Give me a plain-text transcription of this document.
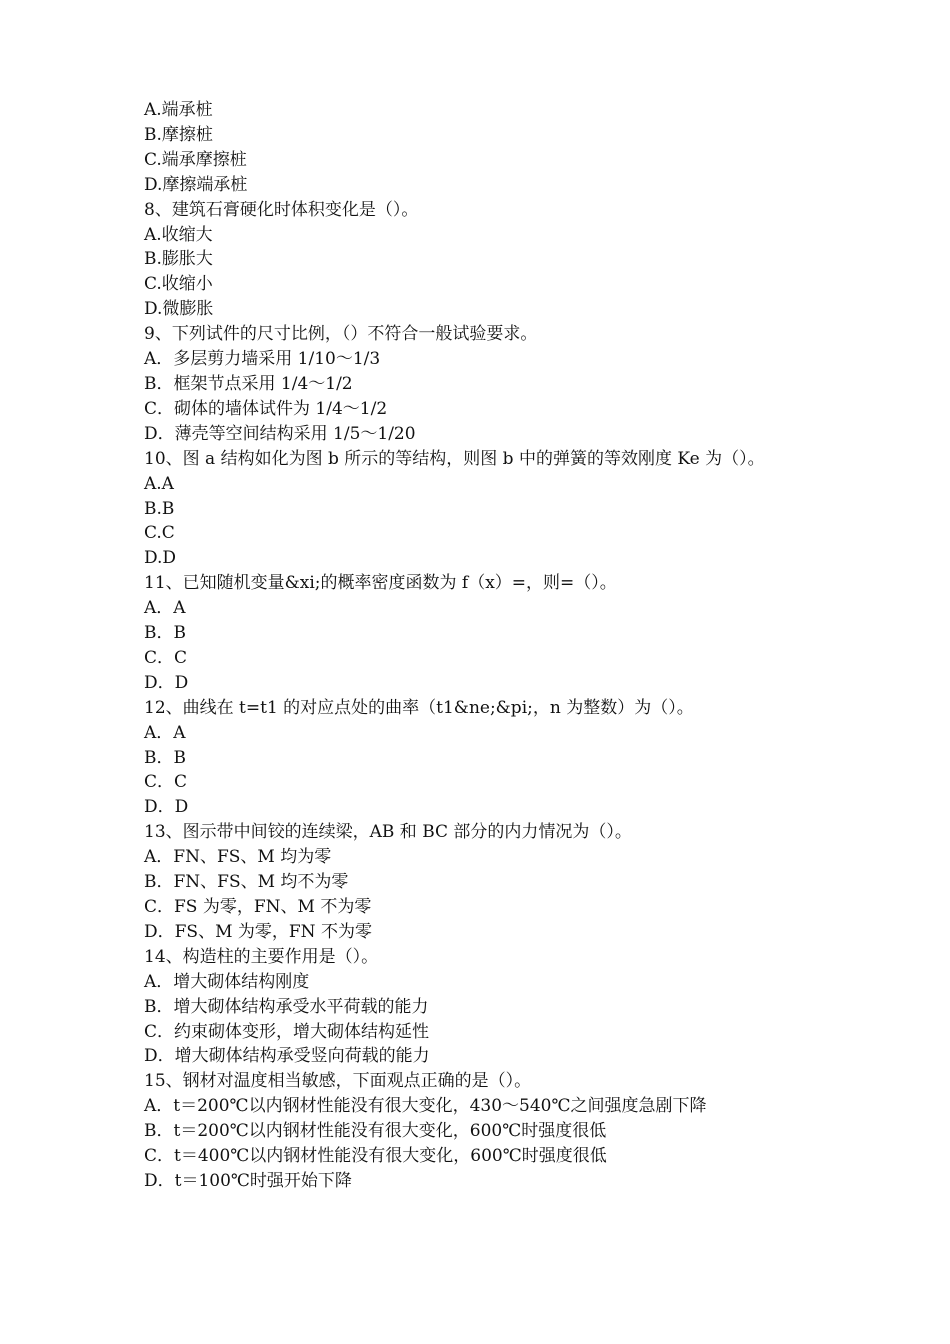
A.端承桩

B.摩擦桩

C.端承摩擦桩

D.摩擦端承桩

8、建筑石膏硬化时体积变化是（）。

A.收缩大

B.膨胀大

C.收缩小

D.微膨胀

9、下列试件的尺寸比例，（）不符合一般试验要求。

A．多层剪力墙采用 1/10～1/3

B．框架节点采用 1/4～1/2

C．砌体的墙体试件为 1/4～1/2

D．薄壳等空间结构采用 1/5～1/20

10、图 a 结构如化为图 b 所示的等结构，则图 b 中的弹簧的等效刚度 Ke 为（）。

A.A

B.B

C.C

D.D

11、已知随机变量&xi;的概率密度函数为 f（x）=，则=（）。

A．A

B．B

C．C

D．D

12、曲线在 t=t1 的对应点处的曲率（t1&ne;&pi;，n 为整数）为（）。

A．A

B．B

C．C

D．D

13、图示带中间铰的连续梁，AB 和 BC 部分的内力情况为（）。

A．FN、FS、M 均为零

B．FN、FS、M 均不为零

C．FS 为零，FN、M 不为零

D．FS、M 为零，FN 不为零

14、构造柱的主要作用是（）。

A．增大砌体结构刚度

B．增大砌体结构承受水平荷载的能力

C．约束砌体变形，增大砌体结构延性

D．增大砌体结构承受竖向荷载的能力

15、钢材对温度相当敏感，下面观点正确的是（）。

A．t＝200℃以内钢材性能没有很大变化，430～540℃之间强度急剧下降

B．t＝200℃以内钢材性能没有很大变化，600℃时强度很低

C．t＝400℃以内钢材性能没有很大变化，600℃时强度很低

D．t＝100℃时强开始下降
